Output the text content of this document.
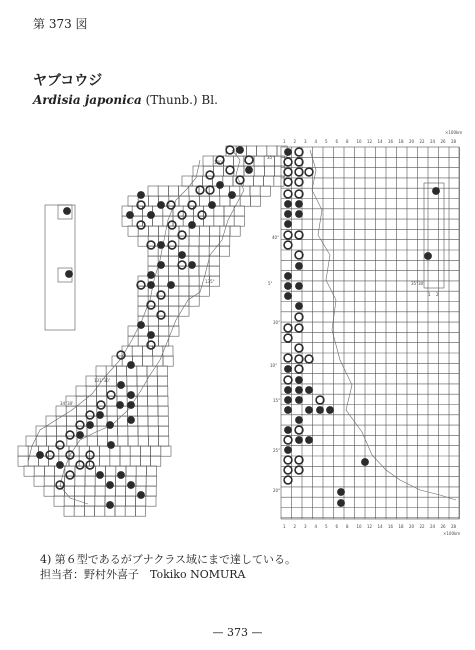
第 373 図
ヤブコウジ
Ardisia japonica (Thunb.) Bl.
1 2 3 4 5 6 8 10 12 14 16 18 20 22 24 26 28
1 2 3 4 5 6 8 10 12 14 16 18 20 22 24 26 28
×100km
×100km
35°
40°
30°
25°
20°
15°
10°
5°	35°30'
130°
135°
131°30'
34°30'
1 2
4) 第６型であるがブナクラス域にまで達している。
担当者：野村外喜子　Tokiko NOMURA
— 373 —
